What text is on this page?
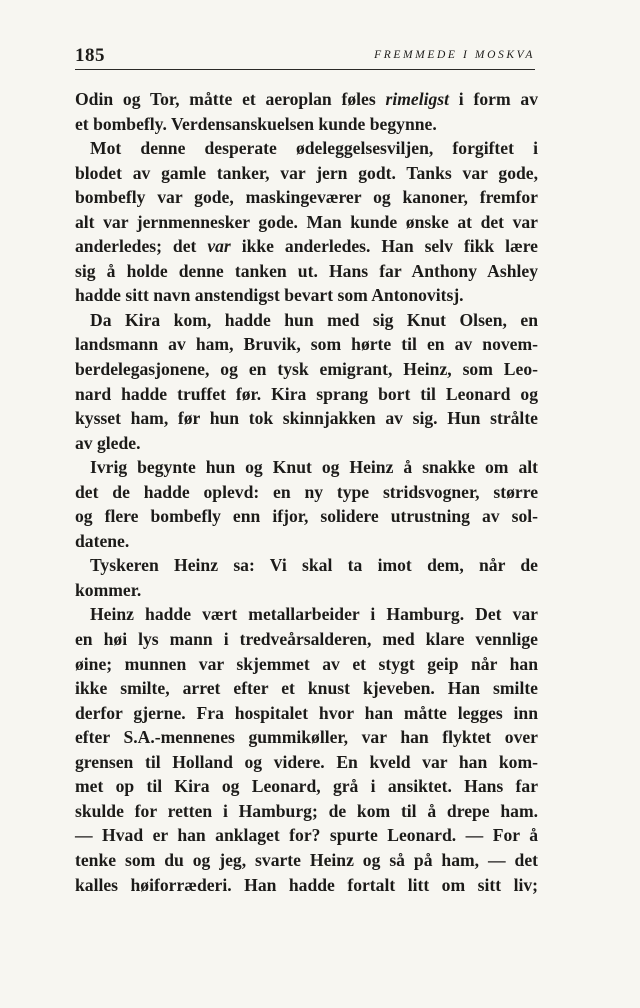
185	FREMMEDE I MOSKVA
Odin og Tor, måtte et aeroplan føles rimeligst i form av
et bombefly. Verdensanskuelsen kunde begynne.
Mot denne desperate ødeleggelsesviljen, forgiftet i
blodet av gamle tanker, var jern godt. Tanks var gode,
bombefly var gode, maskingeværer og kanoner, fremfor
alt var jernmennesker gode. Man kunde ønske at det var
anderledes; det var ikke anderledes. Han selv fikk lære
sig å holde denne tanken ut. Hans far Anthony Ashley
hadde sitt navn anstendigst bevart som Antonovitsj.
Da Kira kom, hadde hun med sig Knut Olsen, en
landsmann av ham, Bruvik, som hørte til en av novem-
berdelegasjonene, og en tysk emigrant, Heinz, som Leo-
nard hadde truffet før. Kira sprang bort til Leonard og
kysset ham, før hun tok skinnjakken av sig. Hun strålte
av glede.
Ivrig begynte hun og Knut og Heinz å snakke om alt
det de hadde oplevd: en ny type stridsvogner, større
og flere bombefly enn ifjor, solidere utrustning av sol-
datene.
Tyskeren Heinz sa: Vi skal ta imot dem, når de
kommer.
Heinz hadde vært metallarbeider i Hamburg. Det var
en høi lys mann i tredveårsalderen, med klare vennlige
øine; munnen var skjemmet av et stygt geip når han
ikke smilte, arret efter et knust kjeveben. Han smilte
derfor gjerne. Fra hospitalet hvor han måtte legges inn
efter S.A.-mennenes gummikøller, var han flyktet over
grensen til Holland og videre. En kveld var han kom-
met op til Kira og Leonard, grå i ansiktet. Hans far
skulde for retten i Hamburg; de kom til å drepe ham.
— Hvad er han anklaget for? spurte Leonard. — For å
tenke som du og jeg, svarte Heinz og så på ham, — det
kalles høiforræderi. Han hadde fortalt litt om sitt liv;
